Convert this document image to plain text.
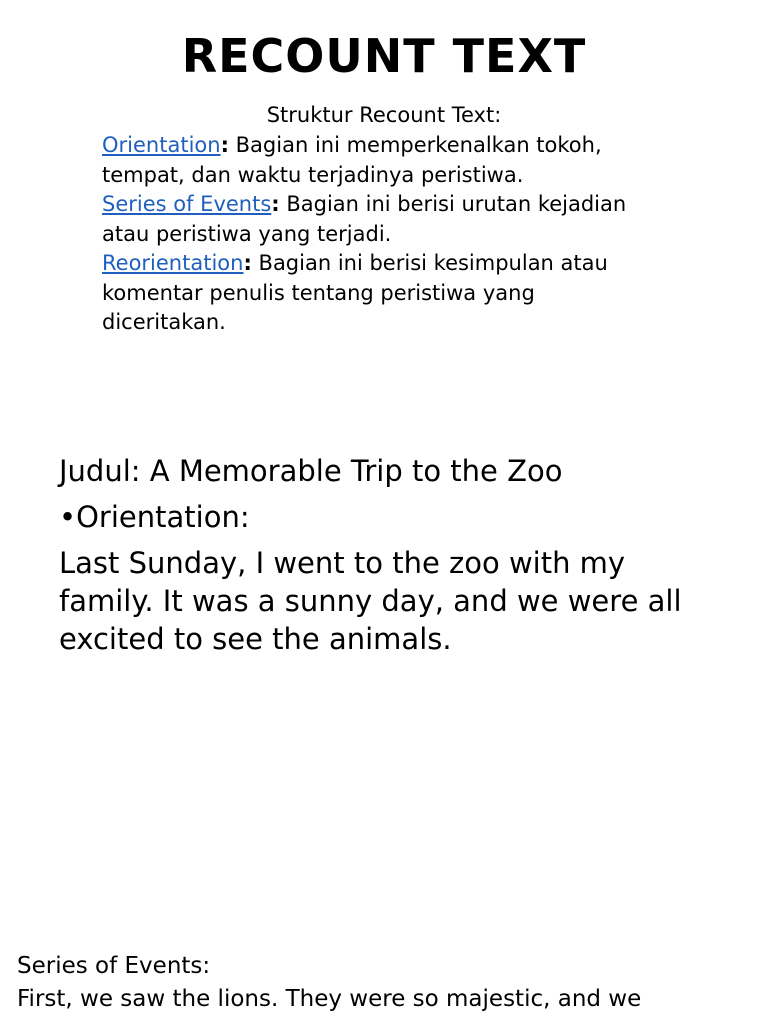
RECOUNT TEXT
Struktur Recount Text:

Orientation: Bagian ini memperkenalkan tokoh, tempat, dan waktu terjadinya peristiwa.

Series of Events: Bagian ini berisi urutan kejadian atau peristiwa yang terjadi.

Reorientation: Bagian ini berisi kesimpulan atau komentar penulis tentang peristiwa yang diceritakan.

Judul: A Memorable Trip to the Zoo

•Orientation:

Last Sunday, I went to the zoo with my family. It was a sunny day, and we were all excited to see the animals.

Series of Events:

First, we saw the lions. They were so majestic, and we
